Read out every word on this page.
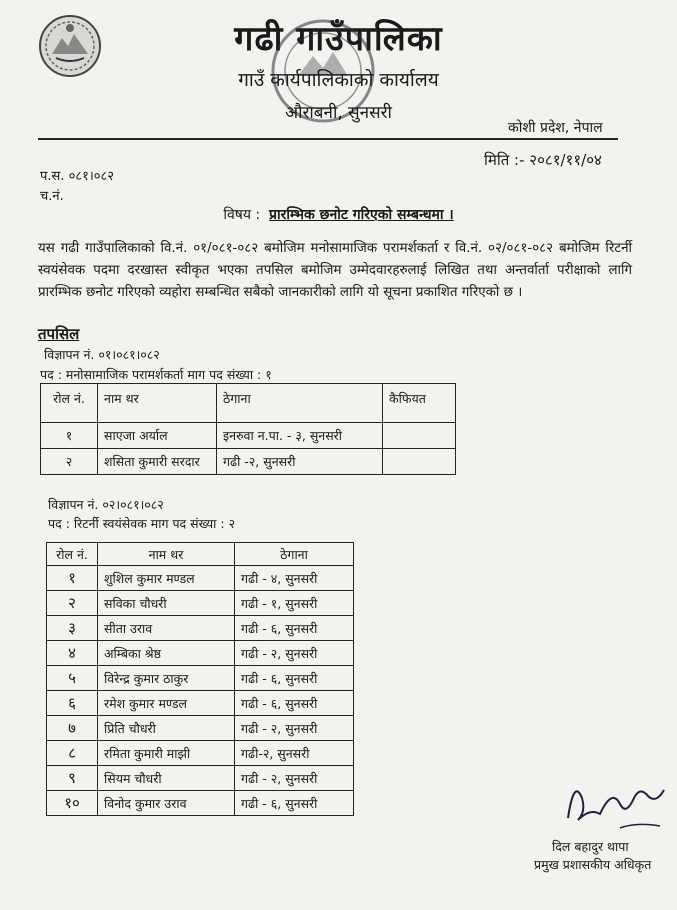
गढी गाउँपालिका
गाउँ कार्यपालिकाको कार्यालय
औराबनी, सुनसरी
कोशी प्रदेश, नेपाल
मिति :- २०८१/११/०४
प.स. ०८१।०८२
च.नं.
विषय : प्रारम्भिक छनोट गरिएको सम्बन्धमा ।
यस गढी गाउँपालिकाको वि.नं. ०१/०८१-०८२ बमोजिम मनोसामाजिक परामर्शकर्ता र वि.नं. ०२/०८१-०८२ बमोजिम रिटर्नी स्वयंसेवक पदमा दरखास्त स्वीकृत भएका तपसिल बमोजिम उम्मेदवारहरुलाई लिखित तथा अन्तर्वार्ता परीक्षाको लागि प्रारम्भिक छनोट गरिएको व्यहोरा सम्बन्धित सबैको जानकारीको लागि यो सूचना प्रकाशित गरिएको छ ।
तपसिल
विज्ञापन नं. ०१।०८१।०८२
पद : मनोसामाजिक परामर्शकर्ता माग पद संख्या : १
रोल नं.	नाम थर	ठेगाना	कैफियत
१	साएजा अर्याल	इनरुवा न.पा. - ३, सुनसरी	
२	शसिता कुमारी सरदार	गढी -२, सुनसरी	
विज्ञापन नं. ०२।०८१।०८२
पद : रिटर्नी स्वयंसेवक माग पद संख्या : २
रोल नं.	नाम थर	ठेगाना
१	शुशिल कुमार मण्डल	गढी - ४, सुनसरी
२	सविका चौधरी	गढी - १, सुनसरी
३	सीता उराव	गढी - ६, सुनसरी
४	अम्बिका श्रेष्ठ	गढी - २, सुनसरी
५	विरेन्द्र कुमार ठाकुर	गढी - ६, सुनसरी
६	रमेश कुमार मण्डल	गढी - ६, सुनसरी
७	प्रिति चौधरी	गढी - २, सुनसरी
८	रमिता कुमारी माझी	गढी-२, सुनसरी
९	सियम चौधरी	गढी - २, सुनसरी
१०	विनोद कुमार उराव	गढी - ६, सुनसरी
दिल बहादुर थापा
प्रमुख प्रशासकीय अधिकृत
